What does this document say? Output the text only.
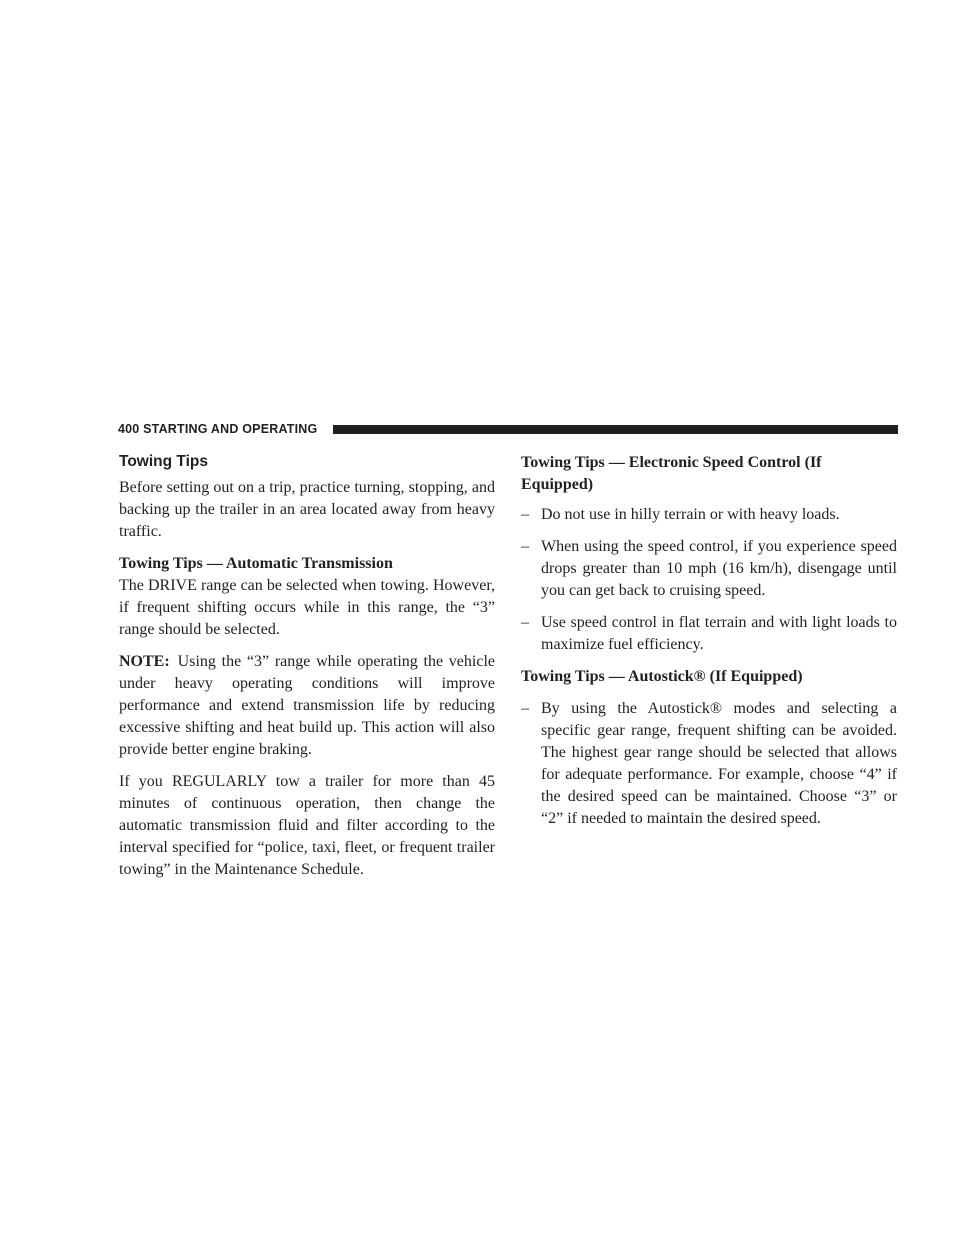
400 STARTING AND OPERATING
Towing Tips

Before setting out on a trip, practice turning, stopping, and backing up the trailer in an area located away from heavy traffic.

Towing Tips — Automatic Transmission

The DRIVE range can be selected when towing. However, if frequent shifting occurs while in this range, the “3” range should be selected.

NOTE: Using the “3” range while operating the vehicle under heavy operating conditions will improve performance and extend transmission life by reducing excessive shifting and heat build up. This action will also provide better engine braking.

If you REGULARLY tow a trailer for more than 45 minutes of continuous operation, then change the automatic transmission fluid and filter according to the interval specified for “police, taxi, fleet, or frequent trailer towing” in the Maintenance Schedule.

Towing Tips — Electronic Speed Control (If Equipped)
– Do not use in hilly terrain or with heavy loads.
– When using the speed control, if you experience speed drops greater than 10 mph (16 km/h), disengage until you can get back to cruising speed.
– Use speed control in flat terrain and with light loads to maximize fuel efficiency.
Towing Tips — Autostick® (If Equipped)
– By using the Autostick® modes and selecting a specific gear range, frequent shifting can be avoided. The highest gear range should be selected that allows for adequate performance. For example, choose “4” if the desired speed can be maintained. Choose “3” or “2” if needed to maintain the desired speed.
